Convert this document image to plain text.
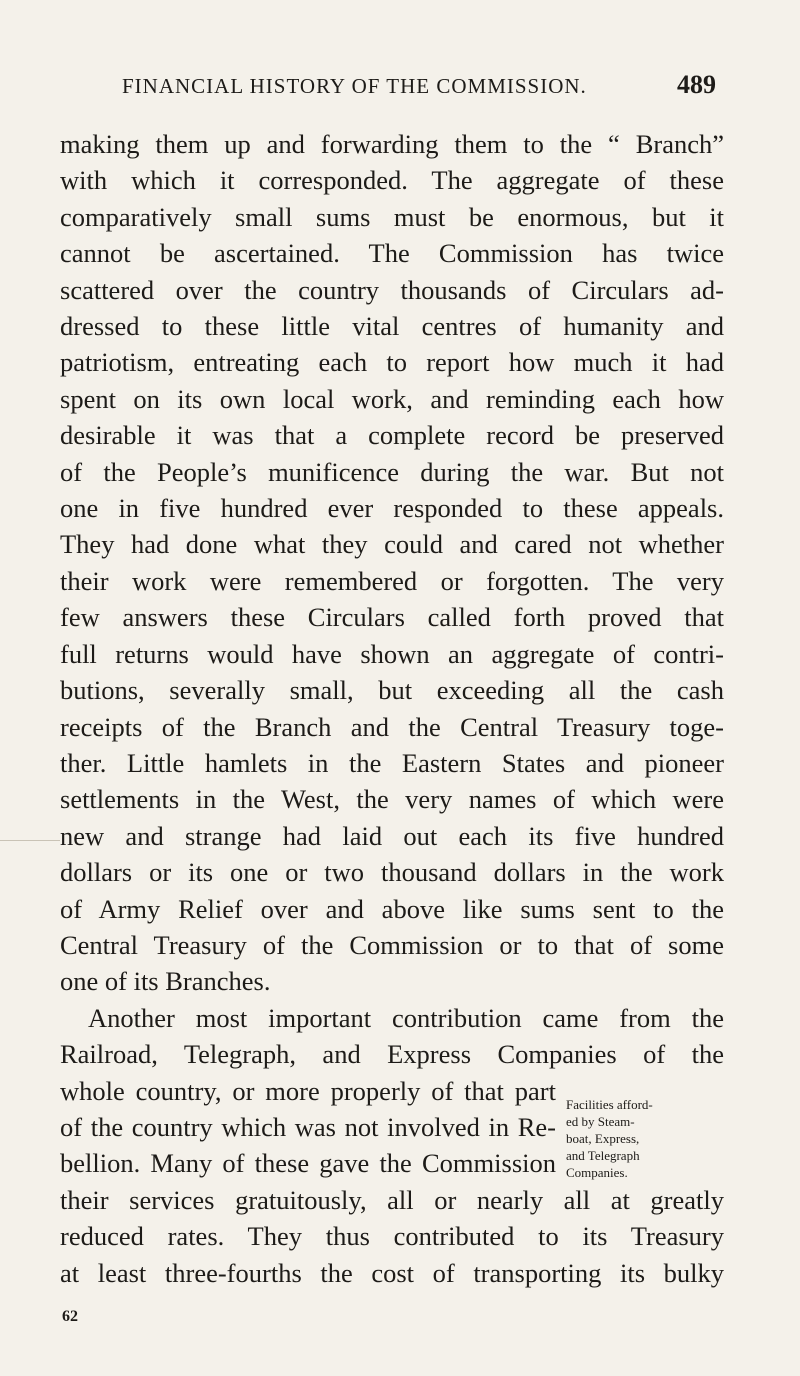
FINANCIAL HISTORY OF THE COMMISSION.	489
making them up and forwarding them to the “ Branch”
with which it corresponded. The aggregate of these
comparatively small sums must be enormous, but it
cannot be ascertained. The Commission has twice
scattered over the country thousands of Circulars ad-
dressed to these little vital centres of humanity and
patriotism, entreating each to report how much it had
spent on its own local work, and reminding each how
desirable it was that a complete record be preserved
of the People’s munificence during the war. But not
one in five hundred ever responded to these appeals.
They had done what they could and cared not whether
their work were remembered or forgotten. The very
few answers these Circulars called forth proved that
full returns would have shown an aggregate of contri-
butions, severally small, but exceeding all the cash
receipts of the Branch and the Central Treasury toge-
ther. Little hamlets in the Eastern States and pioneer
settlements in the West, the very names of which were
new and strange had laid out each its five hundred
dollars or its one or two thousand dollars in the work
of Army Relief over and above like sums sent to the
Central Treasury of the Commission or to that of some
one of its Branches.
Another most important contribution came from the
Railroad, Telegraph, and Express Companies of the
whole country, or more properly of that part
of the country which was not involved in Re-
bellion. Many of these gave the Commission
their services gratuitously, all or nearly all at greatly
reduced rates. They thus contributed to its Treasury
at least three-fourths the cost of transporting its bulky
Facilities afford-
ed by Steam-
boat, Express,
and Telegraph
Companies.
62
